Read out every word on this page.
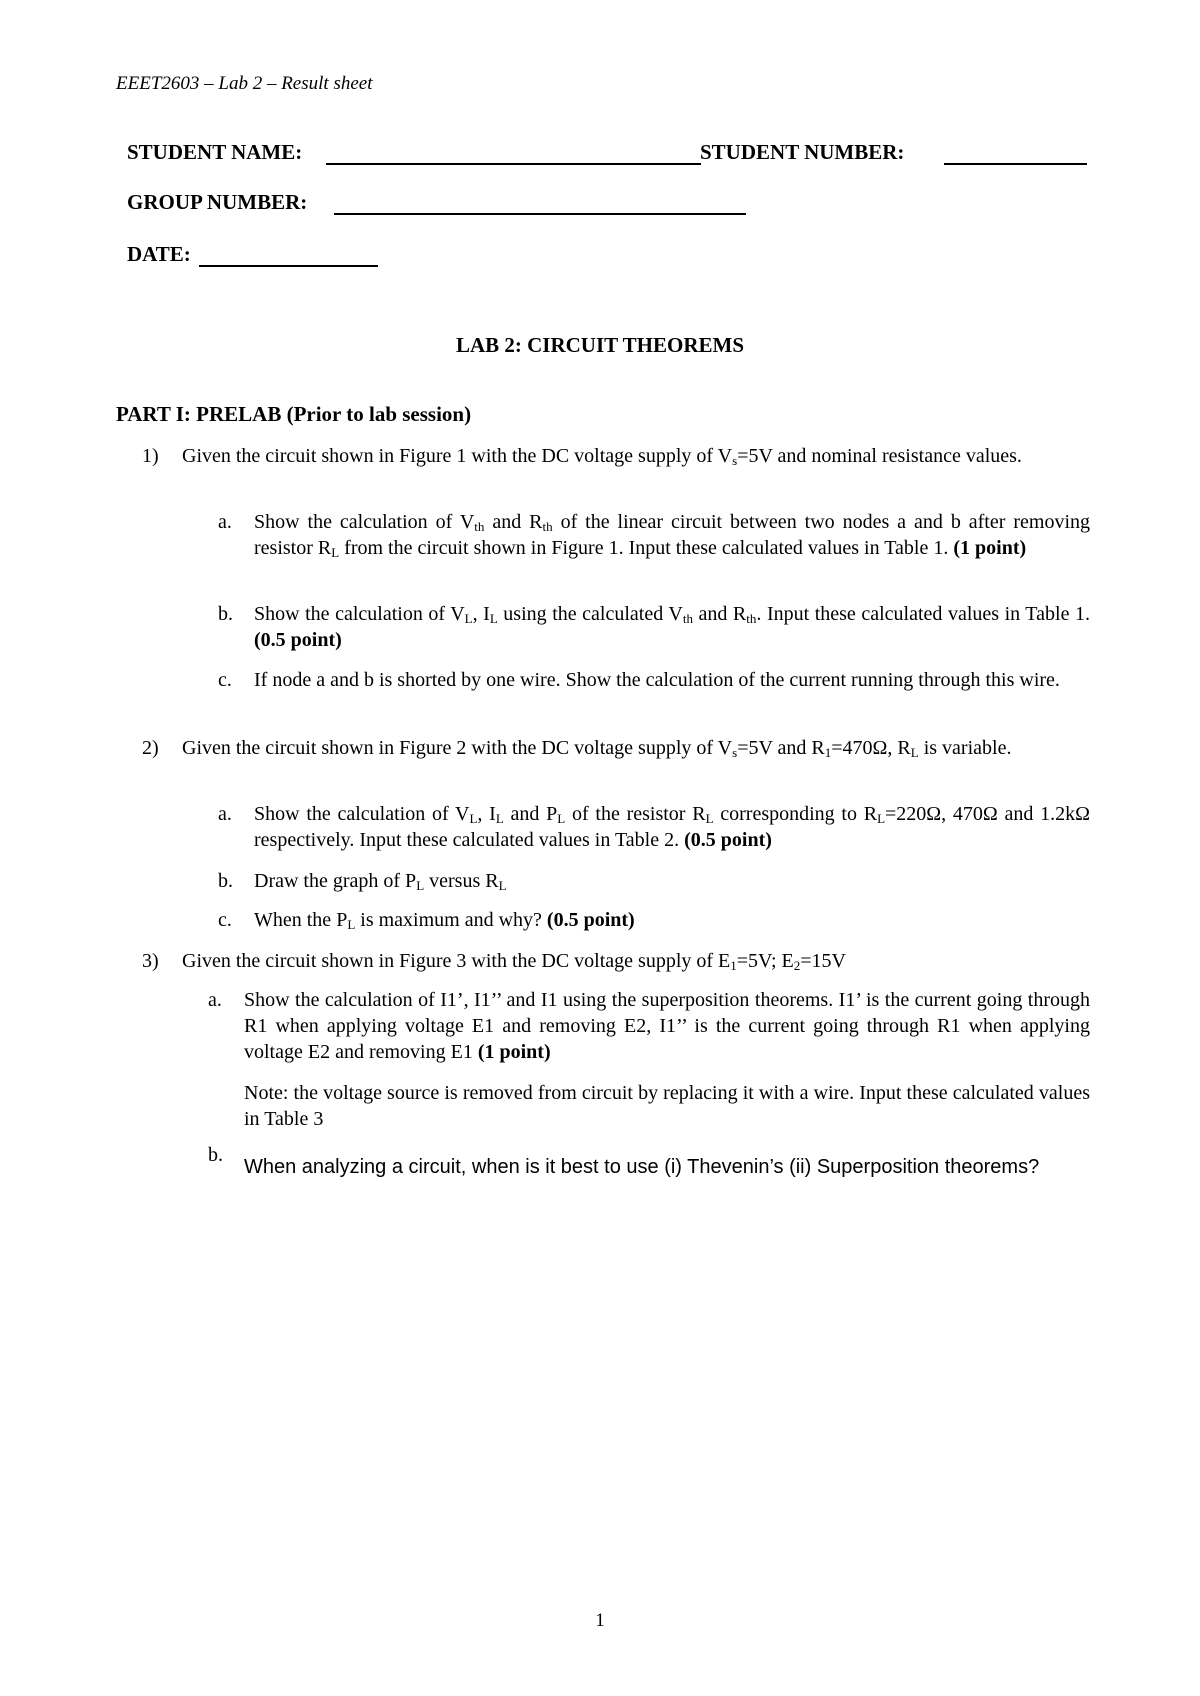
EEET2603 – Lab 2 – Result sheet
STUDENT NAME:	STUDENT NUMBER:
GROUP NUMBER:
DATE:
LAB 2: CIRCUIT THEOREMS
PART I: PRELAB (Prior to lab session)
1) Given the circuit shown in Figure 1 with the DC voltage supply of $V_s=5V$ and nominal resistance values.
a. Show the calculation of $V_{th}$ and $R_{th}$ of the linear circuit between two nodes a and b after removing resistor $R_L$ from the circuit shown in Figure 1. Input these calculated values in Table 1. (1 point)
b. Show the calculation of $V_L$, $I_L$ using the calculated $V_{th}$ and $R_{th}$. Input these calculated values in Table 1. (0.5 point)
c. If node a and b is shorted by one wire. Show the calculation of the current running through this wire.
2) Given the circuit shown in Figure 2 with the DC voltage supply of $V_s=5V$ and $R_1=470\Omega$, $R_L$ is variable.
a. Show the calculation of $V_L$, $I_L$ and $P_L$ of the resistor $R_L$ corresponding to $R_L=220\Omega$, 470Ω and 1.2kΩ respectively. Input these calculated values in Table 2. (0.5 point)
b. Draw the graph of $P_L$ versus $R_L$
c. When the $P_L$ is maximum and why? (0.5 point)
3) Given the circuit shown in Figure 3 with the DC voltage supply of $E_1=5V$; $E_2=15V$
a. Show the calculation of I1’, I1’’ and I1 using the superposition theorems. I1’ is the current going through R1 when applying voltage E1 and removing E2, I1’’ is the current going through R1 when applying voltage E2 and removing E1 (1 point)
Note: the voltage source is removed from circuit by replacing it with a wire. Input these calculated values in Table 3
b.
When analyzing a circuit, when is it best to use (i) Thevenin’s (ii) Superposition theorems?
1
